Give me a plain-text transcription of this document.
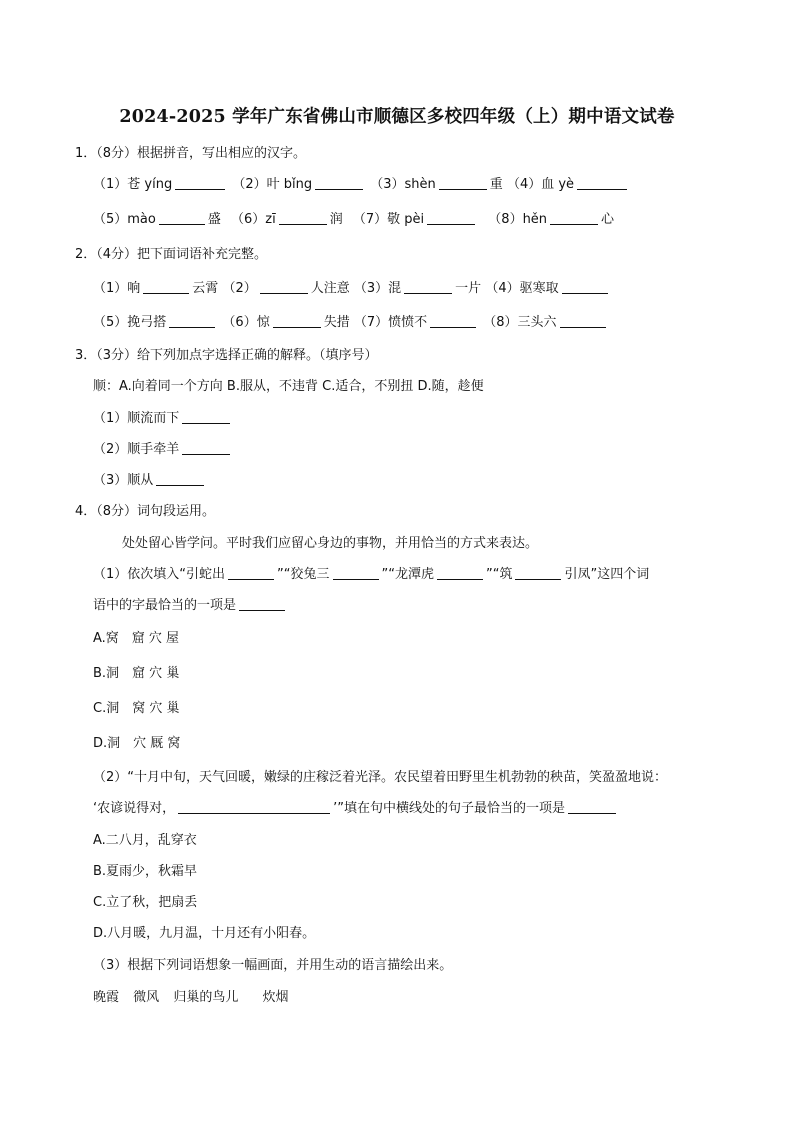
2024-2025 学年广东省佛山市顺德区多校四年级（上）期中语文试卷
1．（8分）根据拼音，写出相应的汉字。
（1）苍 yíng	（2）叶 bǐng	（3）shèn	重 （4）血 yè
（5）mào	盛 （6）zī	润 （7）敬 pèi	（8）hěn	心
2．（4分）把下面词语补充完整。
（1）响	云霄 （2）	人注意 （3）混	一片 （4）驱寒取
（5）挽弓搭	（6）惊	失措 （7）愤愤不	（8）三头六
3．（3分）给下列加点字选择正确的解释。（填序号）
顺：A.向着同一个方向 B.服从，不违背 C.适合，不别扭 D.随，趁便
（1）顺流而下
（2）顺手牵羊
（3）顺从
4．（8分）词句段运用。
处处留心皆学问。平时我们应留心身边的事物，并用恰当的方式来表达。
（1）依次填入“引蛇出	”“狡兔三	”“龙潭虎	”“筑	引凤”这四个词
语中的字最恰当的一项是
A.窝　窟 穴 屋
B.洞　窟 穴 巢
C.洞　窝 穴 巢
D.洞　穴 厩 窝
（2）“十月中旬，天气回暖，嫩绿的庄稼泛着光泽。农民望着田野里生机勃勃的秧苗，笑盈盈地说：
‘农谚说得对，	’”填在句中横线处的句子最恰当的一项是
A.二八月，乱穿衣
B.夏雨少，秋霜早
C.立了秋，把扇丢
D.八月暖，九月温，十月还有小阳春。
（3）根据下列词语想象一幅画面，并用生动的语言描绘出来。
晚霞 微风 归巢的鸟儿 炊烟
